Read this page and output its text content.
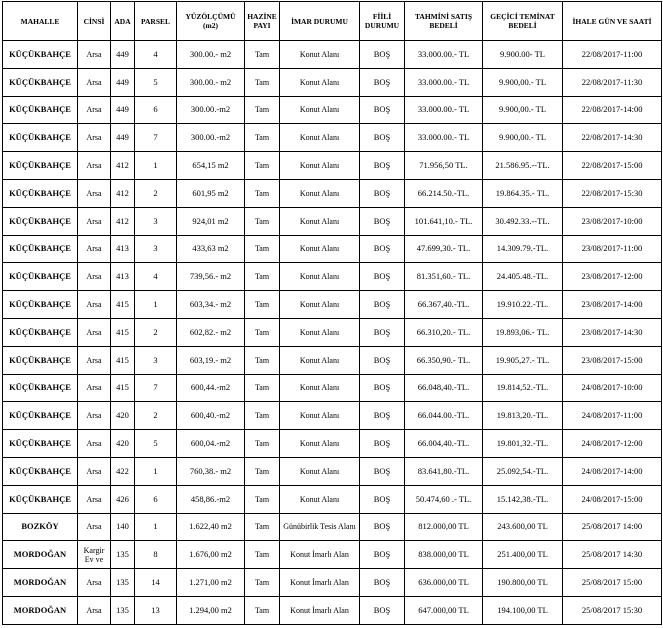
MAHALLE	CİNSİ	ADA	PARSEL	YÜZÖLÇÜMÜ (m2)	HAZİNE PAYI	İMAR DURUMU	FİİLİ DURUMU	TAHMİNİ SATIŞ BEDELİ	GEÇİCİ TEMİNAT BEDELİ	İHALE GÜN VE SAATİ
KÜÇÜKBAHÇE	Arsa	449	4	300.00.- m2	Tam	Konut Alanı	BOŞ	33.000.00.- TL	9.900.00- TL	22/08/2017-11:00
KÜÇÜKBAHÇE	Arsa	449	5	300.00.- m2	Tam	Konut Alanı	BOŞ	33.000.00.- TL	9.900,00.- TL	22/08/2017-11:30
KÜÇÜKBAHÇE	Arsa	449	6	300.00.-m2	Tam	Konut Alanı	BOŞ	33.000.00.- TL	9.900,00.- TL	22/08/2017-14:00
KÜÇÜKBAHÇE	Arsa	449	7	300.00.-m2	Tam	Konut Alanı	BOŞ	33.000.00.- TL	9.900,00.- TL	22/08/2017-14:30
KÜÇÜKBAHÇE	Arsa	412	1	654,15 m2	Tam	Konut Alanı	BOŞ	71.956,50 TL.	21.586.95.--TL.	22/08/2017-15:00
KÜÇÜKBAHÇE	Arsa	412	2	601,95 m2	Tam	Konut Alanı	BOŞ	66.214.50.-TL.	19.864.35.- TL.	22/08/2017-15:30
KÜÇÜKBAHÇE	Arsa	412	3	924,01 m2	Tam	Konut Alanı	BOŞ	101.641,10.- TL.	30.492.33.--TL.	23/08/2017-10:00
KÜÇÜKBAHÇE	Arsa	413	3	433,63 m2	Tam	Konut Alanı	BOŞ	47.699,30.- TL.	14.309.79.-TL.	23/08/2017-11:00
KÜÇÜKBAHÇE	Arsa	413	4	739,56.- m2	Tam	Konut Alanı	BOŞ	81.351,60.- TL.	24.405.48.-TL.	23/08/2017-12:00
KÜÇÜKBAHÇE	Arsa	415	1	603,34.- m2	Tam	Konut Alanı	BOŞ	66.367,40.-TL.	19.910.22.-TL.	23/08/2017-14:00
KÜÇÜKBAHÇE	Arsa	415	2	602,82.- m2	Tam	Konut Alanı	BOŞ	66.310,20.- TL.	19.893,06.- TL.	23/08/2017-14:30
KÜÇÜKBAHÇE	Arsa	415	3	603,19.- m2	Tam	Konut Alanı	BOŞ	66.350,90.- TL.	19.905,27.- TL.	23/08/2017-15:00
KÜÇÜKBAHÇE	Arsa	415	7	600,44.-m2	Tam	Konut Alanı	BOŞ	66.048,40.-TL.	19.814,52.-TL.	24/08/2017-10:00
KÜÇÜKBAHÇE	Arsa	420	2	600,40.-m2	Tam	Konut Alanı	BOŞ	66.044.00.-TL.	19.813,20.-TL.	24/08/2017-11:00
KÜÇÜKBAHÇE	Arsa	420	5	600,04.-m2	Tam	Konut Alanı	BOŞ	66.004,40.-TL.	19.801,32.-TL.	24/08/2017-12:00
KÜÇÜKBAHÇE	Arsa	422	1	760,38.- m2	Tam	Konut Alanı	BOŞ	83.641,80.-TL.	25.092,54.-TL.	24/08/2017-14:00
KÜÇÜKBAHÇE	Arsa	426	6	458,86.-m2	Tam	Konut Alanı	BOŞ	50.474,60 .- TL.	15.142,38.-TL.	24/08/2017-15:00
BOZKÖY	Arsa	140	1	1.622,40 m2	Tam	Günübirlik Tesis Alanı	BOŞ	812.000,00 TL	243.600,00 TL	25/08/2017 14:00
MORDOĞAN	Kargir Ev ve	135	8	1.676,00 m2	Tam	Konut İmarlı Alan	BOŞ	838.000,00 TL	251.400,00 TL	25/08/2017 14:30
MORDOĞAN	Arsa	135	14	1.271,00 m2	Tam	Konut İmarlı Alan	BOŞ	636.000,00 TL	190.800,00 TL	25/08/2017 15:00
MORDOĞAN	Arsa	135	13	1.294,00 m2	Tam	Konut İmarlı Alan	BOŞ	647.000,00 TL	194.100,00 TL	25/08/2017 15:30
